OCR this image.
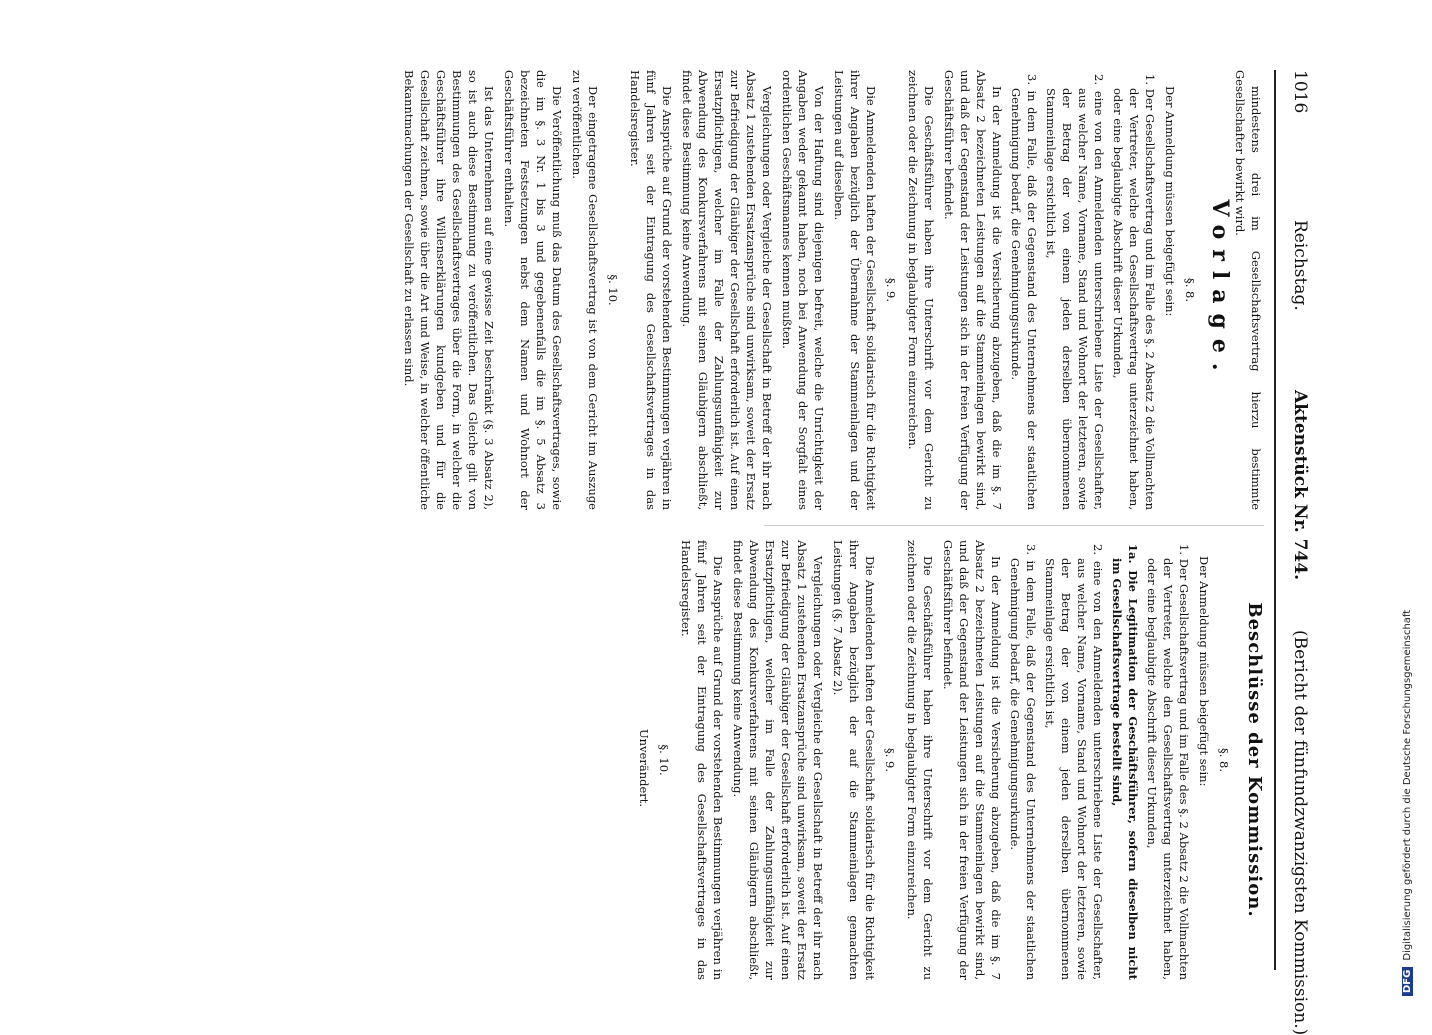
1016
Reichstag.
Aktenstück Nr. 744.
(Bericht der fünfundzwanzigsten Kommission.)

mindestens drei im Gesellschaftsvertrag hierzu bestimmte Gesellschafter bewirkt wird.

Vorlage.
§. 8.

Der Anmeldung müssen beigefügt sein:

1. Der Gesellschaftsvertrag und im Falle des §. 2 Absatz 2 die Vollmachten der Vertreter, welche den Gesellschaftsvertrag unterzeichnet haben, oder eine beglaubigte Abschrift dieser Urkunden,

2. eine von den Anmeldenden unterschriebene Liste der Gesellschafter, aus welcher Name, Vorname, Stand und Wohnort der letzteren, sowie der Betrag der von einem jeden derselben übernommenen Stammeinlage ersichtlich ist,

3. in dem Falle, daß der Gegenstand des Unternehmens der staatlichen Genehmigung bedarf, die Genehmigungsurkunde.

In der Anmeldung ist die Versicherung abzugeben, daß die im §. 7 Absatz 2 bezeichneten Leistungen auf die Stammeinlagen bewirkt sind, und daß der Gegenstand der Leistungen sich in der freien Verfügung der Geschäftsführer befindet.

Die Geschäftsführer haben ihre Unterschrift vor dem Gericht zu zeichnen oder die Zeichnung in beglaubigter Form einzureichen.

§. 9.

Die Anmeldenden haften der Gesellschaft solidarisch für die Richtigkeit ihrer Angaben bezüglich der Übernahme der Stammeinlagen und der Leistungen auf dieselben.

Von der Haftung sind diejenigen befreit, welche die Unrichtigkeit der Angaben weder gekannt haben, noch bei Anwendung der Sorgfalt eines ordentlichen Geschäftsmannes kennen mußten.

Vergleichungen oder Vergleiche der Gesellschaft in Betreff der ihr nach Absatz 1 zustehenden Ersatzansprüche sind unwirksam, soweit der Ersatz zur Befriedigung der Gläubiger der Gesellschaft erforderlich ist. Auf einen Ersatzpflichtigen, welcher im Falle der Zahlungsunfähigkeit zur Abwendung des Konkursverfahrens mit seinen Gläubigern abschließt, findet diese Bestimmung keine Anwendung.

Die Ansprüche auf Grund der vorstehenden Bestimmungen verjähren in fünf Jahren seit der Eintragung des Gesellschaftsvertrages in das Handelsregister.

§. 10.

Der eingetragene Gesellschaftsvertrag ist von dem Gericht im Auszuge zu veröffentlichen.

Die Veröffentlichung muß das Datum des Gesellschaftsvertrages, sowie die im §. 3 Nr. 1 bis 3 und gegebenenfalls die im §. 5 Absatz 3 bezeichneten Festsetzungen nebst dem Namen und Wohnort der Geschäftsführer enthalten.

Ist das Unternehmen auf eine gewisse Zeit beschränkt (§. 3 Absatz 2), so ist auch diese Bestimmung zu veröffentlichen. Das Gleiche gilt von Bestimmungen des Gesellschaftsvertrages über die Form, in welcher die Geschäftsführer ihre Willenserklärungen kundgeben und für die Gesellschaft zeichnen, sowie über die Art und Weise, in welcher öffentliche Bekanntmachungen der Gesellschaft zu erlassen sind.

Beschlüsse der Kommission.
§. 8.

Der Anmeldung müssen beigefügt sein:

1. Der Gesellschaftsvertrag und im Falle des §. 2 Absatz 2 die Vollmachten der Vertreter, welche den Gesellschaftsvertrag unterzeichnet haben, oder eine beglaubigte Abschrift dieser Urkunden,

1a. Die Legitimation der Geschäftsführer, sofern dieselben nicht im Gesellschaftsvertrage bestellt sind,

2. eine von den Anmeldenden unterschriebene Liste der Gesellschafter, aus welcher Name, Vorname, Stand und Wohnort der letzteren, sowie der Betrag der von einem jeden derselben übernommenen Stammeinlage ersichtlich ist,

3. in dem Falle, daß der Gegenstand des Unternehmens der staatlichen Genehmigung bedarf, die Genehmigungsurkunde.

In der Anmeldung ist die Versicherung abzugeben, daß die im §. 7 Absatz 2 bezeichneten Leistungen auf die Stammeinlagen bewirkt sind, und daß der Gegenstand der Leistungen sich in der freien Verfügung der Geschäftsführer befindet.

Die Geschäftsführer haben ihre Unterschrift vor dem Gericht zu zeichnen oder die Zeichnung in beglaubigter Form einzureichen.

§. 9.

Die Anmeldenden haften der Gesellschaft solidarisch für die Richtigkeit ihrer Angaben bezüglich der auf die Stammeinlagen gemachten Leistungen (§. 7 Absatz 2).

Vergleichungen oder Vergleiche der Gesellschaft in Betreff der ihr nach Absatz 1 zustehenden Ersatzansprüche sind unwirksam, soweit der Ersatz zur Befriedigung der Gläubiger der Gesellschaft erforderlich ist. Auf einen Ersatzpflichtigen, welcher im Falle der Zahlungsunfähigkeit zur Abwendung des Konkursverfahrens mit seinen Gläubigern abschließt, findet diese Bestimmung keine Anwendung.

Die Ansprüche auf Grund der vorstehenden Bestimmungen verjähren in fünf Jahren seit der Eintragung des Gesellschaftsvertrages in das Handelsregister.

§. 10.

Unverändert.

DFGDigitalisierung gefördert durch die Deutsche Forschungsgemeinschaft
